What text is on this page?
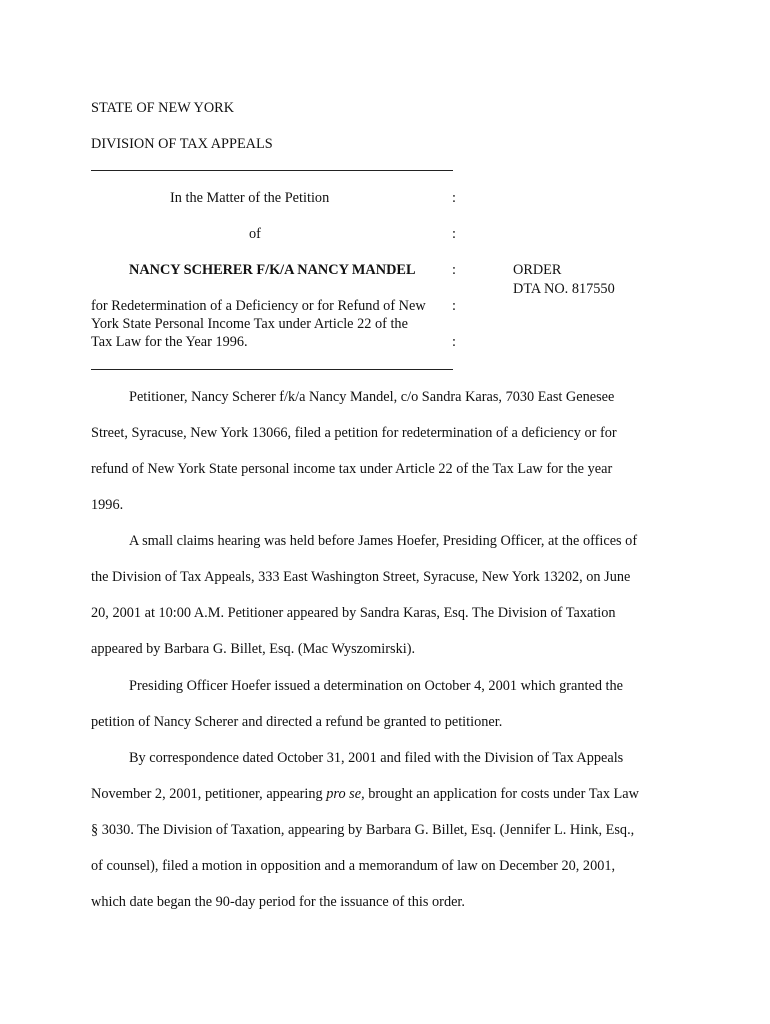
STATE OF NEW YORK
DIVISION OF TAX APPEALS
In the Matter of the Petition	:
of	:
NANCY SCHERER F/K/A NANCY MANDEL	:	ORDER
DTA NO. 817550
for Redetermination of a Deficiency or for Refund of New :
York State Personal Income Tax under Article 22 of the
Tax Law for the Year 1996.	:
Petitioner, Nancy Scherer f/k/a Nancy Mandel, c/o Sandra Karas, 7030 East Genesee
Street, Syracuse, New York 13066, filed a petition for redetermination of a deficiency or for
refund of New York State personal income tax under Article 22 of the Tax Law for the year
1996.
A small claims hearing was held before James Hoefer, Presiding Officer, at the offices of
the Division of Tax Appeals, 333 East Washington Street, Syracuse, New York 13202, on June
20, 2001 at 10:00 A.M. Petitioner appeared by Sandra Karas, Esq. The Division of Taxation
appeared by Barbara G. Billet, Esq. (Mac Wyszomirski).
Presiding Officer Hoefer issued a determination on October 4, 2001 which granted the
petition of Nancy Scherer and directed a refund be granted to petitioner.
By correspondence dated October 31, 2001 and filed with the Division of Tax Appeals
November 2, 2001, petitioner, appearing pro se, brought an application for costs under Tax Law
§ 3030. The Division of Taxation, appearing by Barbara G. Billet, Esq. (Jennifer L. Hink, Esq.,
of counsel), filed a motion in opposition and a memorandum of law on December 20, 2001,
which date began the 90-day period for the issuance of this order.
